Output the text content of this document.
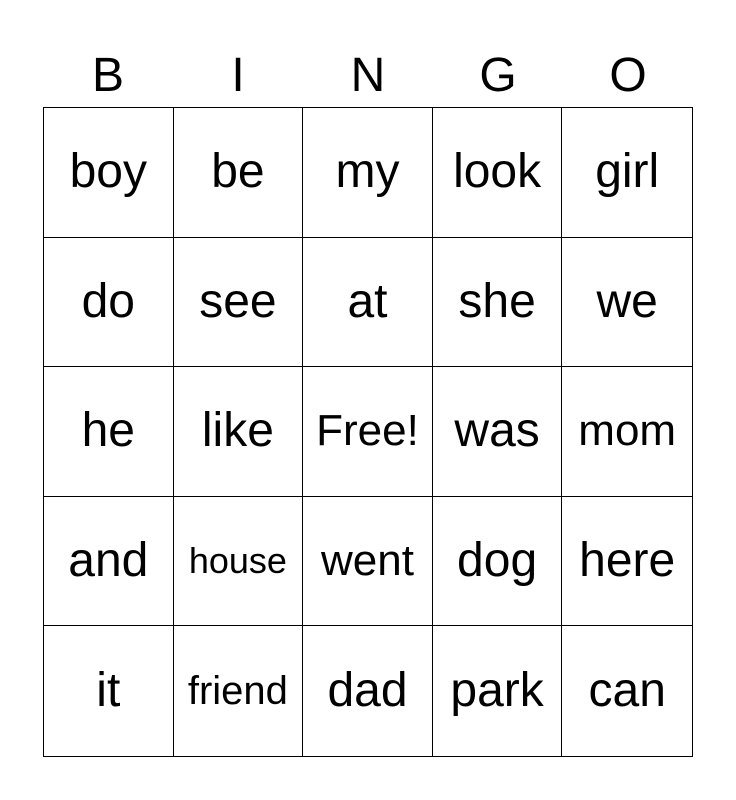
B	I	N	G	O
boy be my look girl
do see at she we
he like Free! was mom
and house went dog here
it friend dad park can
